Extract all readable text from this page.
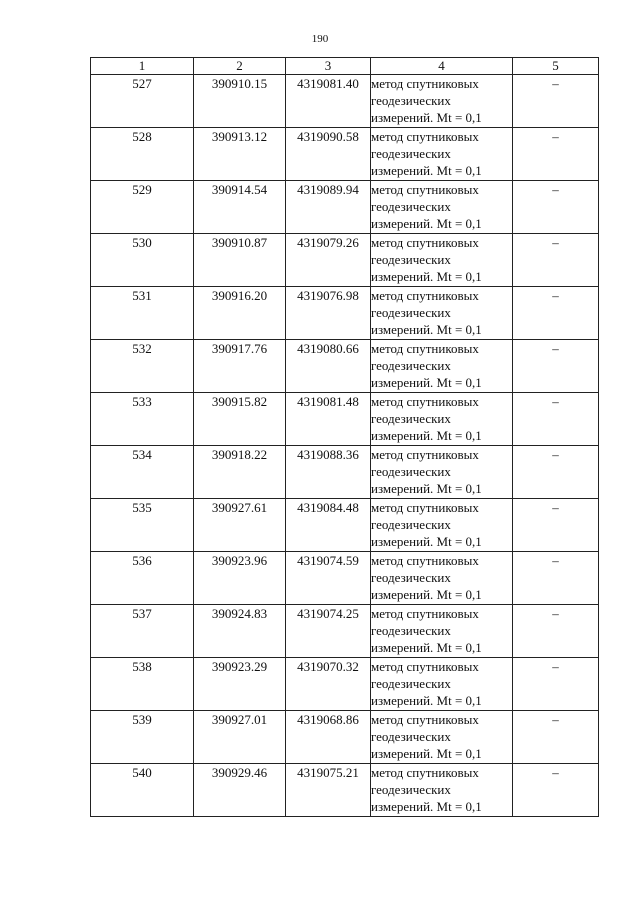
190
1	2	3	4	5
527	390910.15	4319081.40	метод спутниковых
геодезических
измерений. Mt = 0,1	–
528	390913.12	4319090.58	метод спутниковых
геодезических
измерений. Mt = 0,1	–
529	390914.54	4319089.94	метод спутниковых
геодезических
измерений. Mt = 0,1	–
530	390910.87	4319079.26	метод спутниковых
геодезических
измерений. Mt = 0,1	–
531	390916.20	4319076.98	метод спутниковых
геодезических
измерений. Mt = 0,1	–
532	390917.76	4319080.66	метод спутниковых
геодезических
измерений. Mt = 0,1	–
533	390915.82	4319081.48	метод спутниковых
геодезических
измерений. Mt = 0,1	–
534	390918.22	4319088.36	метод спутниковых
геодезических
измерений. Mt = 0,1	–
535	390927.61	4319084.48	метод спутниковых
геодезических
измерений. Mt = 0,1	–
536	390923.96	4319074.59	метод спутниковых
геодезических
измерений. Mt = 0,1	–
537	390924.83	4319074.25	метод спутниковых
геодезических
измерений. Mt = 0,1	–
538	390923.29	4319070.32	метод спутниковых
геодезических
измерений. Mt = 0,1	–
539	390927.01	4319068.86	метод спутниковых
геодезических
измерений. Mt = 0,1	–
540	390929.46	4319075.21	метод спутниковых
геодезических
измерений. Mt = 0,1	–
